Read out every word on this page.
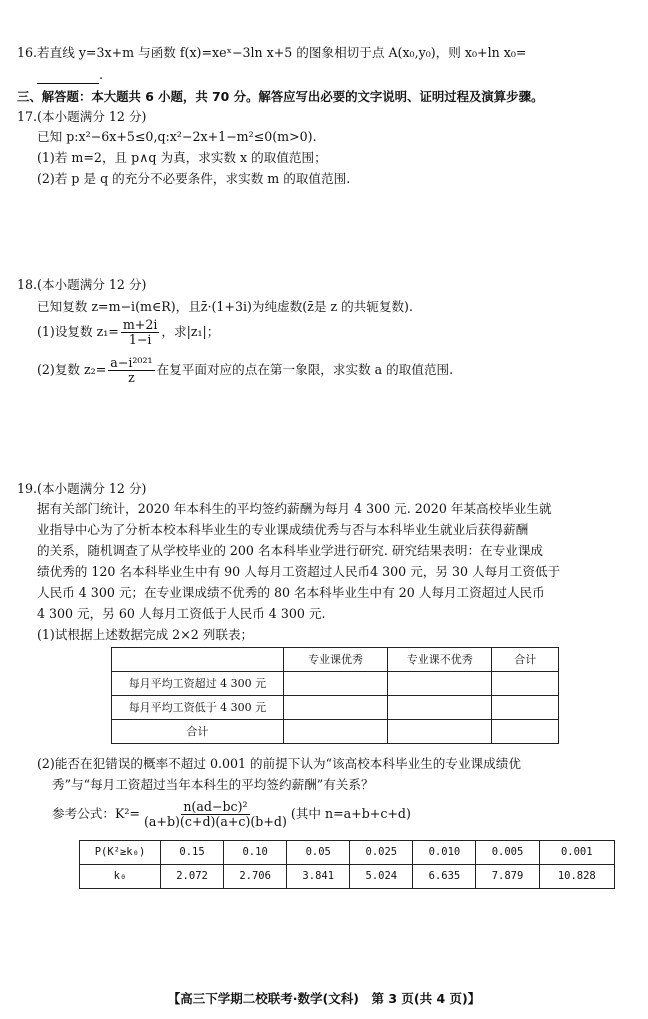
16.若直线 y=3x+m 与函数 f(x)=xeˣ−3ln x+5 的图象相切于点 A(x₀,y₀)，则 x₀+ln x₀=
.
三、解答题：本大题共 6 小题，共 70 分。解答应写出必要的文字说明、证明过程及演算步骤。
17.(本小题满分 12 分)
已知 p:x²−6x+5≤0,q:x²−2x+1−m²≤0(m>0).
(1)若 m=2，且 p∧q 为真，求实数 x 的取值范围；
(2)若 p 是 q 的充分不必要条件，求实数 m 的取值范围.
18.(本小题满分 12 分)
已知复数 z=m−i(m∈R)，且z̄·(1+3i)为纯虚数(z̄是 z 的共轭复数).
(1)设复数 $z_1= \frac{m+2i}{1-i}$ ，求|z₁|；
(2)复数 $z_2= \frac{\text{a−i²⁰²¹}}{z}$ 在复平面对应的点在第一象限，求实数 a 的取值范围.
19.(本小题满分 12 分)
据有关部门统计，2020 年本科生的平均签约薪酬为每月 4 300 元. 2020 年某高校毕业生就
业指导中心为了分析本校本科毕业生的专业课成绩优秀与否与本科毕业生就业后获得薪酬
的关系，随机调查了从学校毕业的 200 名本科毕业学进行研究. 研究结果表明：在专业课成
绩优秀的 120 名本科毕业生中有 90 人每月工资超过人民币4 300 元，另 30 人每月工资低于
人民币 4 300 元；在专业课成绩不优秀的 80 名本科毕业生中有 20 人每月工资超过人民币
4 300 元，另 60 人每月工资低于人民币 4 300 元.
(1)试根据上述数据完成 2×2 列联表；
	专业课优秀	专业课不优秀	合计
每月平均工资超过 4 300 元			
每月平均工资低于 4 300 元			
合计			
(2)能否在犯错误的概率不超过 0.001 的前提下认为“该高校本科毕业生的专业课成绩优
秀”与“每月工资超过当年本科生的平均签约薪酬”有关系？
参考公式：$K^2= \frac{\text{n(ad−bc)²}}{(a+b)(c+d)(a+c)(b+d)}$ (其中 n=a+b+c+d)
P(K²≥k₀)	0.15	0.10	0.05	0.025	0.010	0.005	0.001
k₀	2.072	2.706	3.841	5.024	6.635	7.879	10.828
【高三下学期二校联考·数学(文科)　第 3 页(共 4 页)】
